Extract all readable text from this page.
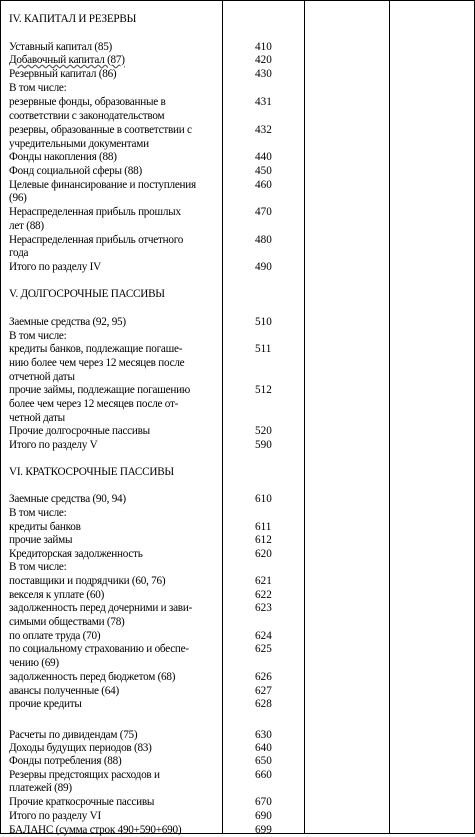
IV. КАПИТАЛ И РЕЗЕРВЫ
Уставный капитал (85)	410
Добавочный капитал (87)	420
Резервный капитал (86)	430
В том числе:
резервные фонды, образованные в	431
соответствии с законодательством
резервы, образованные в соответствии с	432
учредительными документами
Фонды накопления (88)	440
Фонд социальной сферы (88)	450
Целевые финансирование и поступления	460
(96)
Нераспределенная прибыль прошлых	470
лет (88)
Нераспределенная прибыль отчетного	480
года
Итого по разделу IV	490
V. ДОЛГОСРОЧНЫЕ ПАССИВЫ
Заемные средства (92, 95)	510
В том числе:
кредиты банков, подлежащие погаше-	511
нию более чем через 12 месяцев после
отчетной даты
прочие займы, подлежащие погашению	512
более чем через 12 месяцев после от-
четной даты
Прочие долгосрочные пассивы	520
Итого по разделу V	590
VI. КРАТКОСРОЧНЫЕ ПАССИВЫ
Заемные средства (90, 94)	610
В том числе:
кредиты банков	611
прочие займы	612
Кредиторская задолженность	620
В том числе:
поставщики и подрядчики (60, 76)	621
векселя к уплате (60)	622
задолженность перед дочерними и зави-	623
симыми обществами (78)
по оплате труда (70)	624
по социальному страхованию и обеспе-	625
чению (69)
задолженность перед бюджетом (68)	626
авансы полученные (64)	627
прочие кредиты	628
Расчеты по дивидендам (75)	630
Доходы будущих периодов (83)	640
Фонды потребления (88)	650
Резервы предстоящих расходов и	660
платежей (89)
Прочие краткосрочные пассивы	670
Итого по разделу VI	690
БАЛАНС (сумма строк 490+590+690)	699
